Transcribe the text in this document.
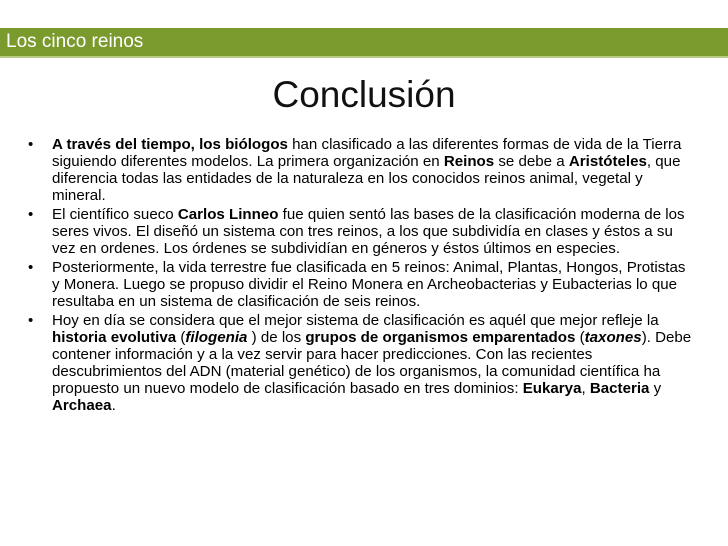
Los cinco reinos
Conclusión
• A través del tiempo, los biólogos han clasificado a las diferentes formas de vida de la Tierra siguiendo diferentes modelos. La primera organización en Reinos se debe a Aristóteles, que diferencia todas las entidades de la naturaleza en los conocidos reinos animal, vegetal y mineral.
• El científico sueco Carlos Linneo fue quien sentó las bases de la clasificación moderna de los seres vivos. El diseñó un sistema con tres reinos, a los que subdividía en clases y éstos a su vez en ordenes. Los órdenes se subdividían en géneros y éstos últimos en especies.
• Posteriormente, la vida terrestre fue clasificada en 5 reinos: Animal, Plantas, Hongos, Protistas y Monera. Luego se propuso dividir el Reino Monera en Archeobacterias y Eubacterias lo que resultaba en un sistema de clasificación de seis reinos.
• Hoy en día se considera que el mejor sistema de clasificación es aquél que mejor refleje la historia evolutiva (filogenia ) de los grupos de organismos emparentados (taxones). Debe contener información y a la vez servir para hacer predicciones. Con las recientes descubrimientos del ADN (material genético) de los organismos, la comunidad científica ha propuesto un nuevo modelo de clasificación basado en tres dominios: Eukarya, Bacteria y Archaea.
